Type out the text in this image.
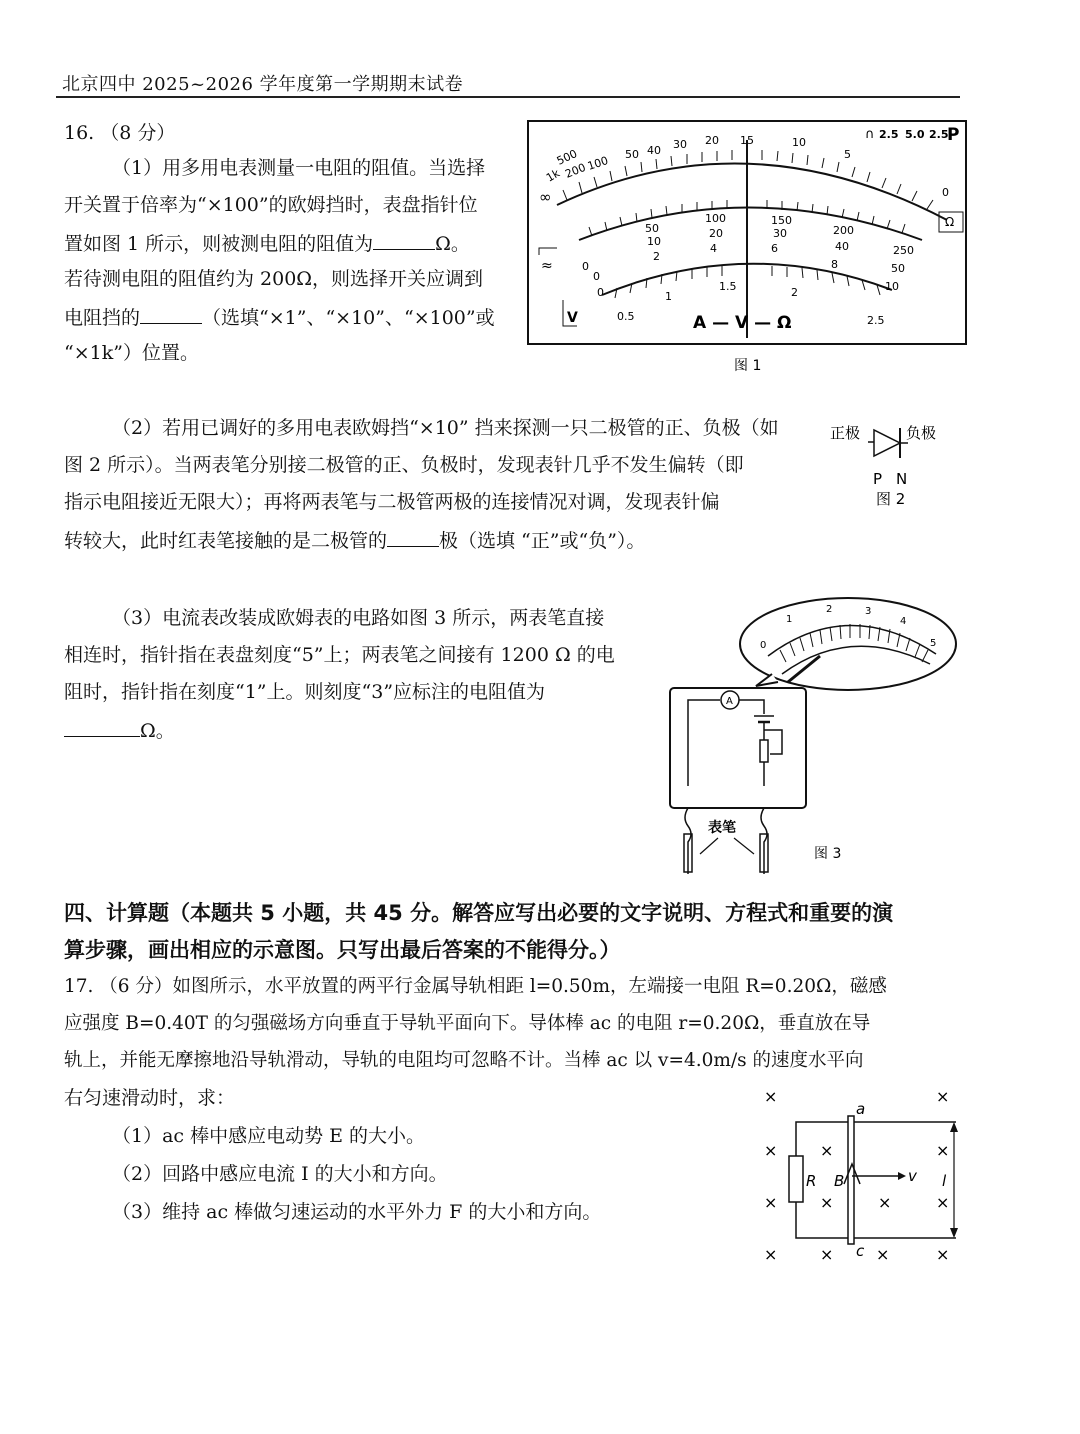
北京四中 2025~2026 学年度第一学期期末试卷
16. （8 分）
（1）用多用电表测量一电阻的阻值。当选择
开关置于倍率为“×100”的欧姆挡时，表盘指针位
置如图 1 所示，则被测电阻的阻值为	Ω。
若待测电阻的阻值约为 200Ω，则选择开关应调到
电阻挡的	（选填“×1”、“×10”、“×100”或
“×1k”）位置。
∞
1k
500
200
100 50 40 30 20 15	10
5
0
Ω
2.5 5.0 2.5
P
∩
0
10
50
100	150
200
250
0
2
4	6
8
10
20	30
40
50
0
0.5
1
1.5	2
2.5
≈
V	A — V — Ω
图 1
（2）若用已调好的多用电表欧姆挡“×10” 挡来探测一只二极管的正、负极（如
图 2 所示）。当两表笔分别接二极管的正、负极时，发现表针几乎不发生偏转（即
指示电阻接近无限大）；再将两表笔与二极管两极的连接情况对调，发现表针偏
转较大，此时红表笔接触的是二极管的	极（选填 “正”或“负”）。
正极	负极
P N
图 2
（3）电流表改装成欧姆表的电路如图 3 所示，两表笔直接
相连时，指针指在表盘刻度“5”上；两表笔之间接有 1200 Ω 的电
阻时，指针指在刻度“1”上。则刻度“3”应标注的电阻值为
Ω。
0
1
2	3
4
5
A
表笔
图 3
四、计算题（本题共 5 小题，共 45 分。解答应写出必要的文字说明、方程式和重要的演
算步骤，画出相应的示意图。只写出最后答案的不能得分。）
17. （6 分）如图所示，水平放置的两平行金属导轨相距 l=0.50m，左端接一电阻 R=0.20Ω，磁感
应强度 B=0.40T 的匀强磁场方向垂直于导轨平面向下。导体棒 ac 的电阻 r=0.20Ω，垂直放在导
轨上，并能无摩擦地沿导轨滑动，导轨的电阻均可忽略不计。当棒 ac 以 v=4.0m/s 的速度水平向
右匀速滑动时，求：
（1）ac 棒中感应电动势 E 的大小。
（2）回路中感应电流 I 的大小和方向。
（3）维持 ac 棒做匀速运动的水平外力 F 的大小和方向。
×	×
×	×	×
×	×	×	×
×	×	×	×
R
a
c
B	v l
